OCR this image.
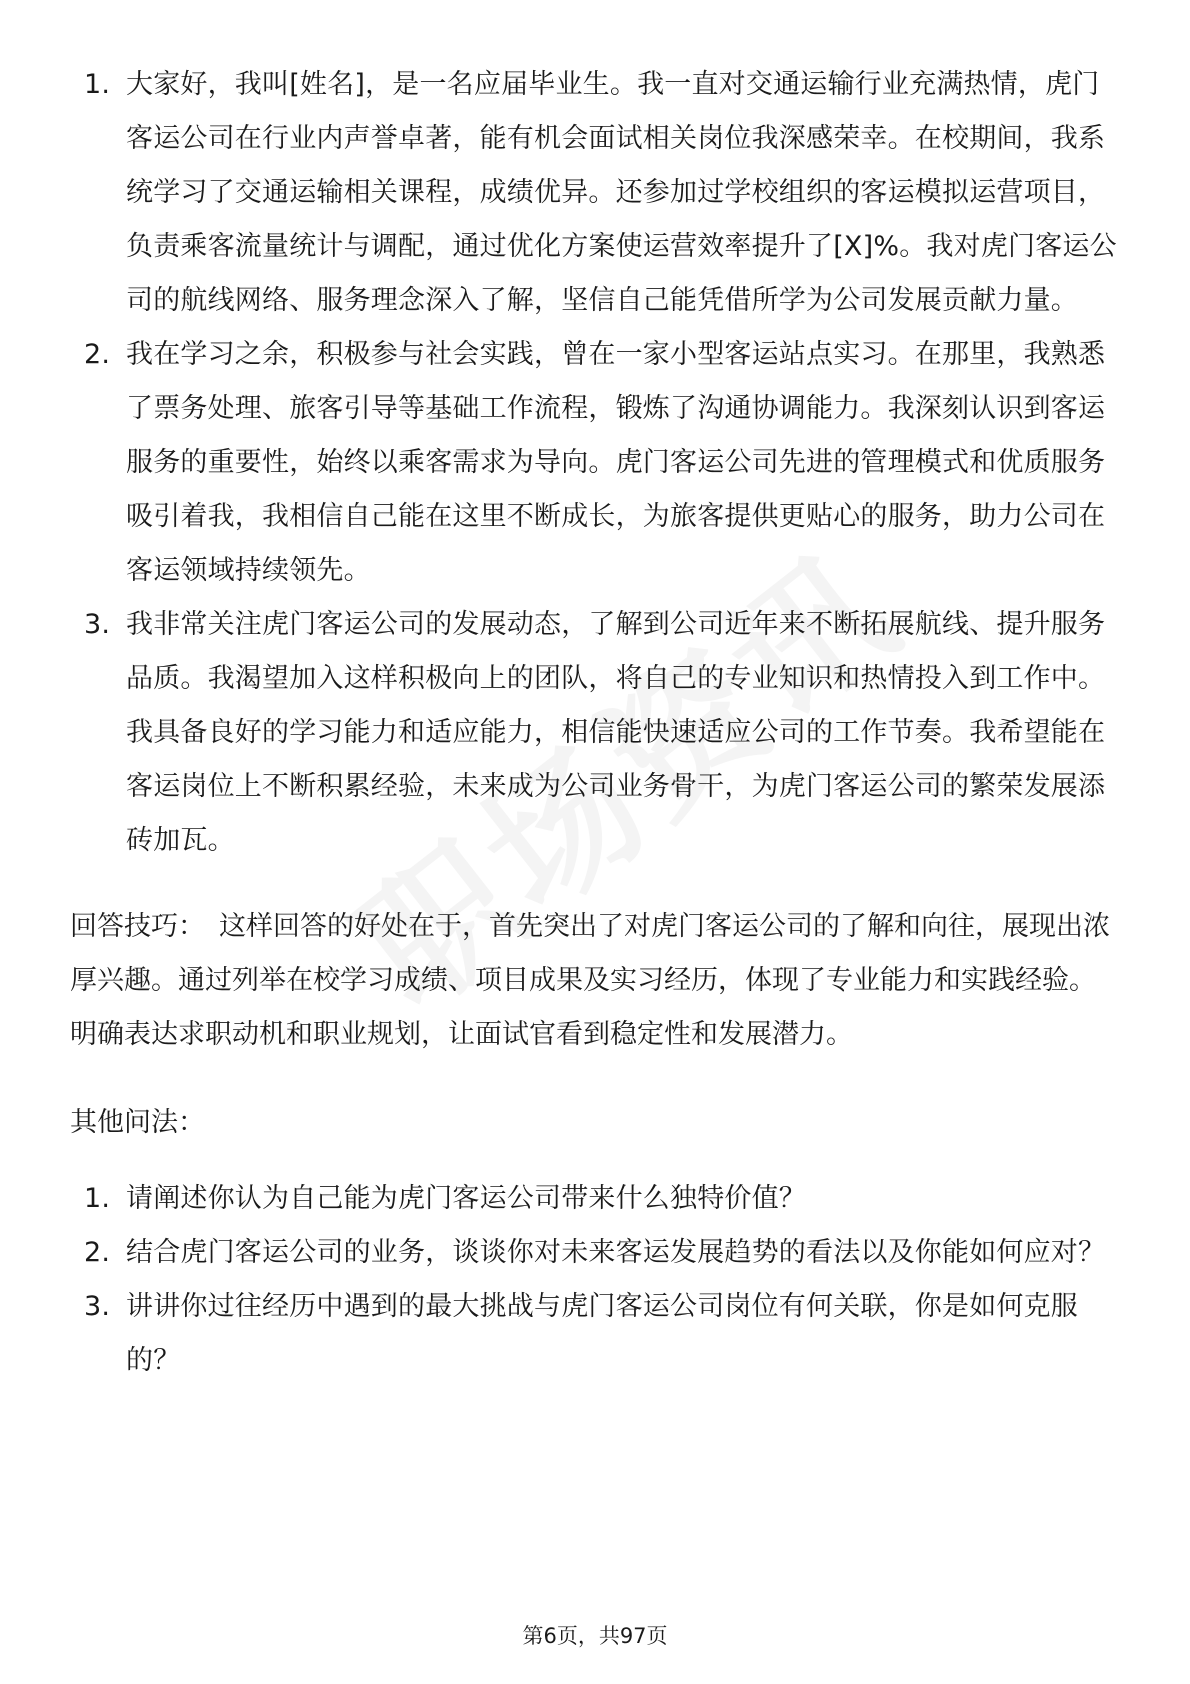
1. 大家好，我叫[姓名]，是一名应届毕业生。我一直对交通运输行业充满热情，虎门客运公司在行业内声誉卓著，能有机会面试相关岗位我深感荣幸。在校期间，我系统学习了交通运输相关课程，成绩优异。还参加过学校组织的客运模拟运营项目，负责乘客流量统计与调配，通过优化方案使运营效率提升了[X]%。我对虎门客运公司的航线网络、服务理念深入了解，坚信自己能凭借所学为公司发展贡献力量。
2. 我在学习之余，积极参与社会实践，曾在一家小型客运站点实习。在那里，我熟悉了票务处理、旅客引导等基础工作流程，锻炼了沟通协调能力。我深刻认识到客运服务的重要性，始终以乘客需求为导向。虎门客运公司先进的管理模式和优质服务吸引着我，我相信自己能在这里不断成长，为旅客提供更贴心的服务，助力公司在客运领域持续领先。
3. 我非常关注虎门客运公司的发展动态，了解到公司近年来不断拓展航线、提升服务品质。我渴望加入这样积极向上的团队，将自己的专业知识和热情投入到工作中。我具备良好的学习能力和适应能力，相信能快速适应公司的工作节奏。我希望能在客运岗位上不断积累经验，未来成为公司业务骨干，为虎门客运公司的繁荣发展添砖加瓦。
回答技巧： 这样回答的好处在于，首先突出了对虎门客运公司的了解和向往，展现出浓厚兴趣。通过列举在校学习成绩、项目成果及实习经历，体现了专业能力和实践经验。明确表达求职动机和职业规划，让面试官看到稳定性和发展潜力。
其他问法：
1. 请阐述你认为自己能为虎门客运公司带来什么独特价值？
2. 结合虎门客运公司的业务，谈谈你对未来客运发展趋势的看法以及你能如何应对？
3. 讲讲你过往经历中遇到的最大挑战与虎门客运公司岗位有何关联，你是如何克服的？
第6页，共97页
